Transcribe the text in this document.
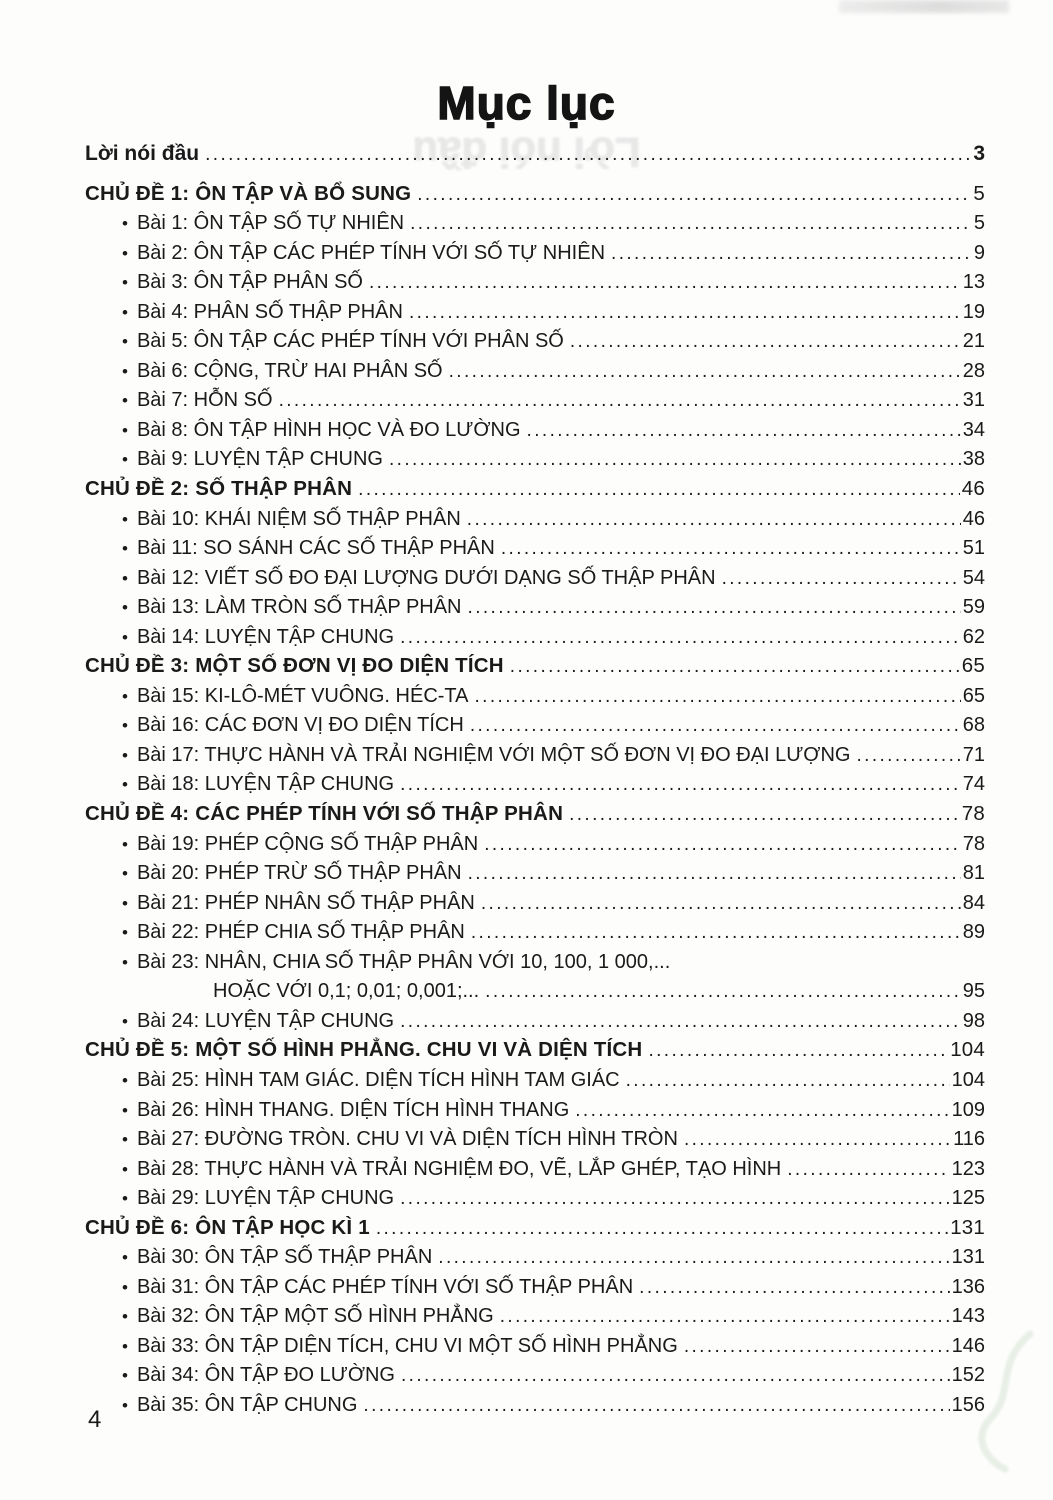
Mục lục
Lời nói đầu
Lời nói đầu .....	3
CHỦ ĐỀ 1: ÔN TẬP VÀ BỔ SUNG .....	5
• Bài 1: ÔN TẬP SỐ TỰ NHIÊN .....	5
• Bài 2: ÔN TẬP CÁC PHÉP TÍNH VỚI SỐ TỰ NHIÊN .....	9
• Bài 3: ÔN TẬP PHÂN SỐ .....	13
• Bài 4: PHÂN SỐ THẬP PHÂN .....	19
• Bài 5: ÔN TẬP CÁC PHÉP TÍNH VỚI PHÂN SỐ .....	21
• Bài 6: CỘNG, TRỪ HAI PHÂN SỐ .....	28
• Bài 7: HỖN SỐ .....	31
• Bài 8: ÔN TẬP HÌNH HỌC VÀ ĐO LƯỜNG .....	34
• Bài 9: LUYỆN TẬP CHUNG .....	38
CHỦ ĐỀ 2: SỐ THẬP PHÂN .....	46
• Bài 10: KHÁI NIỆM SỐ THẬP PHÂN .....	46
• Bài 11: SO SÁNH CÁC SỐ THẬP PHÂN .....	51
• Bài 12: VIẾT SỐ ĐO ĐẠI LƯỢNG DƯỚI DẠNG SỐ THẬP PHÂN .....	54
• Bài 13: LÀM TRÒN SỐ THẬP PHÂN .....	59
• Bài 14: LUYỆN TẬP CHUNG .....	62
CHỦ ĐỀ 3: MỘT SỐ ĐƠN VỊ ĐO DIỆN TÍCH .....	65
• Bài 15: KI-LÔ-MÉT VUÔNG. HÉC-TA .....	65
• Bài 16: CÁC ĐƠN VỊ ĐO DIỆN TÍCH .....	68
• Bài 17: THỰC HÀNH VÀ TRẢI NGHIỆM VỚI MỘT SỐ ĐƠN VỊ ĐO ĐẠI LƯỢNG .....	71
• Bài 18: LUYỆN TẬP CHUNG .....	74
CHỦ ĐỀ 4: CÁC PHÉP TÍNH VỚI SỐ THẬP PHÂN .....	78
• Bài 19: PHÉP CỘNG SỐ THẬP PHÂN .....	78
• Bài 20: PHÉP TRỪ SỐ THẬP PHÂN .....	81
• Bài 21: PHÉP NHÂN SỐ THẬP PHÂN .....	84
• Bài 22: PHÉP CHIA SỐ THẬP PHÂN .....	89
• Bài 23: NHÂN, CHIA SỐ THẬP PHÂN VỚI 10, 100, 1 000,...
HOẶC VỚI 0,1; 0,01; 0,001;... .....	95
• Bài 24: LUYỆN TẬP CHUNG .....	98
CHỦ ĐỀ 5: MỘT SỐ HÌNH PHẲNG. CHU VI VÀ DIỆN TÍCH .....	104
• Bài 25: HÌNH TAM GIÁC. DIỆN TÍCH HÌNH TAM GIÁC .....	104
• Bài 26: HÌNH THANG. DIỆN TÍCH HÌNH THANG .....	109
• Bài 27: ĐƯỜNG TRÒN. CHU VI VÀ DIỆN TÍCH HÌNH TRÒN .....	116
• Bài 28: THỰC HÀNH VÀ TRẢI NGHIỆM ĐO, VẼ, LẮP GHÉP, TẠO HÌNH .....	123
• Bài 29: LUYỆN TẬP CHUNG .....	125
CHỦ ĐỀ 6: ÔN TẬP HỌC KÌ 1 .....	131
• Bài 30: ÔN TẬP SỐ THẬP PHÂN .....	131
• Bài 31: ÔN TẬP CÁC PHÉP TÍNH VỚI SỐ THẬP PHÂN .....	136
• Bài 32: ÔN TẬP MỘT SỐ HÌNH PHẲNG .....	143
• Bài 33: ÔN TẬP DIỆN TÍCH, CHU VI MỘT SỐ HÌNH PHẲNG .....	146
• Bài 34: ÔN TẬP ĐO LƯỜNG .....	152
• Bài 35: ÔN TẬP CHUNG .....	156
4
